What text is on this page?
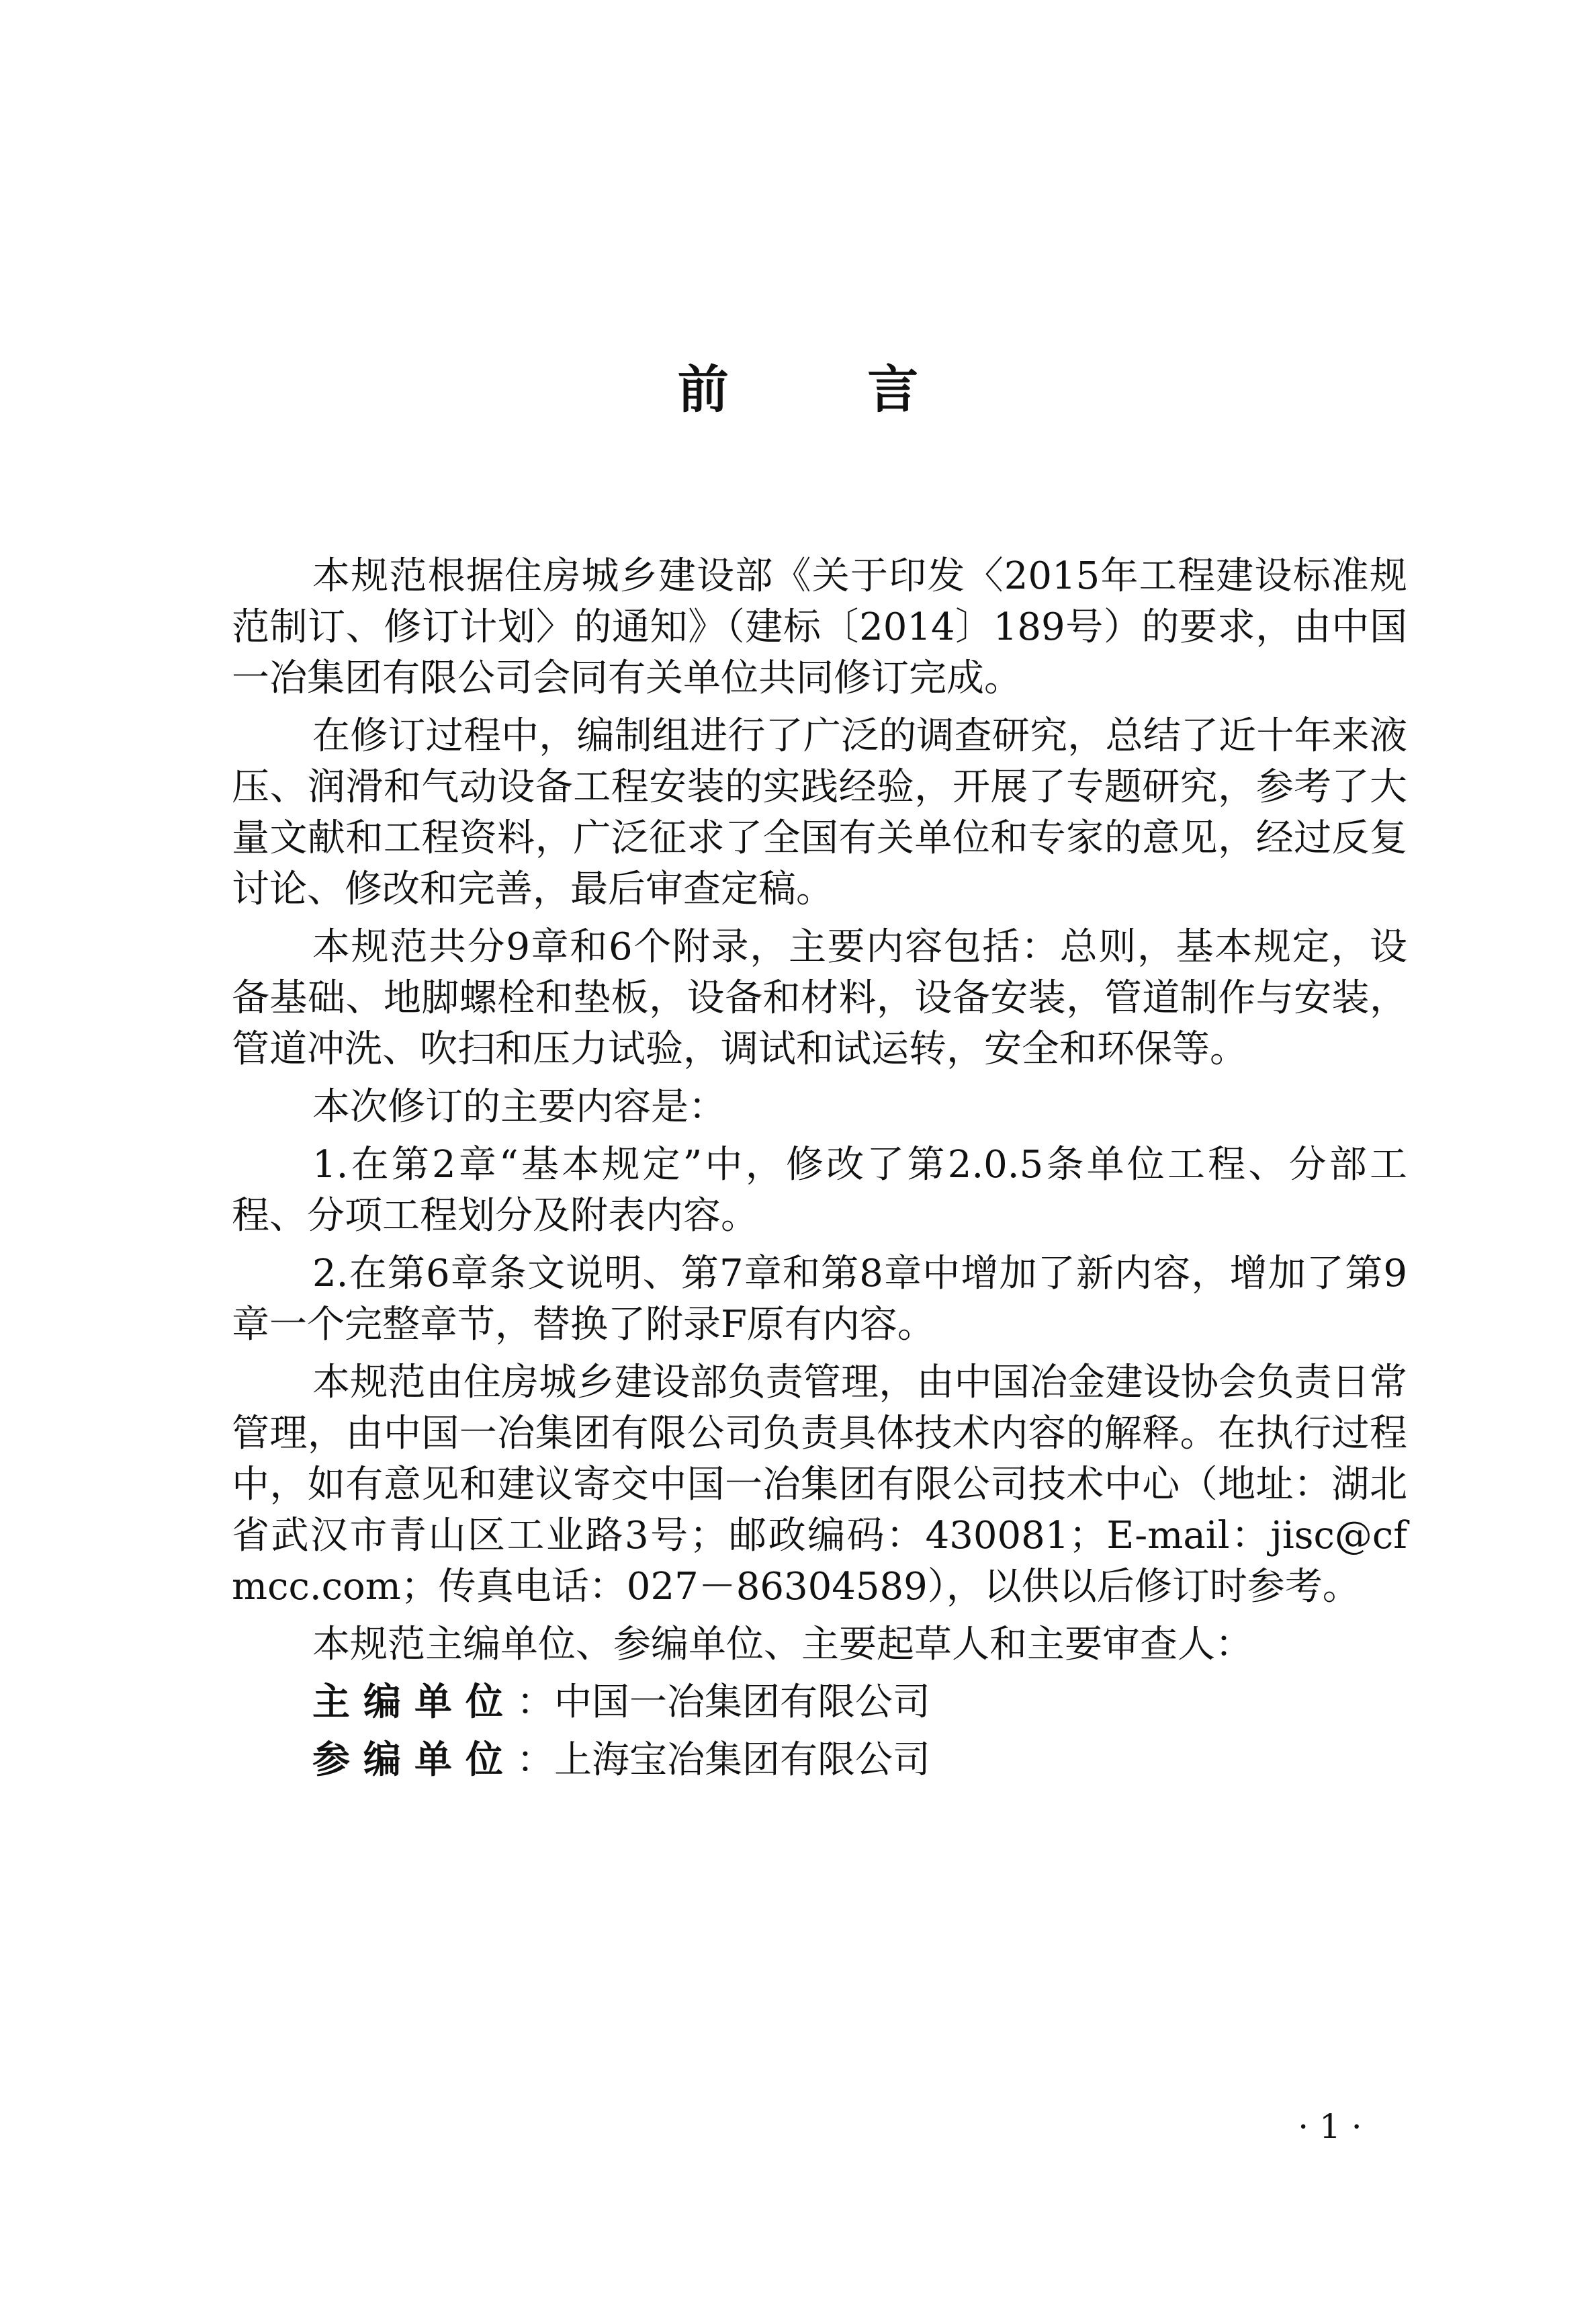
前 言

本规范根据住房城乡建设部《关于印发〈2015年工程建设标准规范制订、修订计划〉的通知》（建标〔2014〕189号）的要求，由中国一冶集团有限公司会同有关单位共同修订完成。

在修订过程中，编制组进行了广泛的调查研究，总结了近十年来液压、润滑和气动设备工程安装的实践经验，开展了专题研究，参考了大量文献和工程资料，广泛征求了全国有关单位和专家的意见，经过反复讨论、修改和完善，最后审查定稿。

本规范共分9章和6个附录，主要内容包括：总则，基本规定，设备基础、地脚螺栓和垫板，设备和材料，设备安装，管道制作与安装，管道冲洗、吹扫和压力试验，调试和试运转，安全和环保等。

本次修订的主要内容是：

1.在第2章“基本规定”中，修改了第2.0.5条单位工程、分部工程、分项工程划分及附表内容。

2.在第6章条文说明、第7章和第8章中增加了新内容，增加了第9章一个完整章节，替换了附录F原有内容。

本规范由住房城乡建设部负责管理，由中国冶金建设协会负责日常管理，由中国一冶集团有限公司负责具体技术内容的解释。在执行过程中，如有意见和建议寄交中国一冶集团有限公司技术中心（地址：湖北省武汉市青山区工业路3号；邮政编码：430081；E-mail：jisc@cfmcc.com；传真电话：027－86304589），以供以后修订时参考。

本规范主编单位、参编单位、主要起草人和主要审查人：

主编单位：中国一冶集团有限公司
参编单位：上海宝冶集团有限公司
· 1 ·
